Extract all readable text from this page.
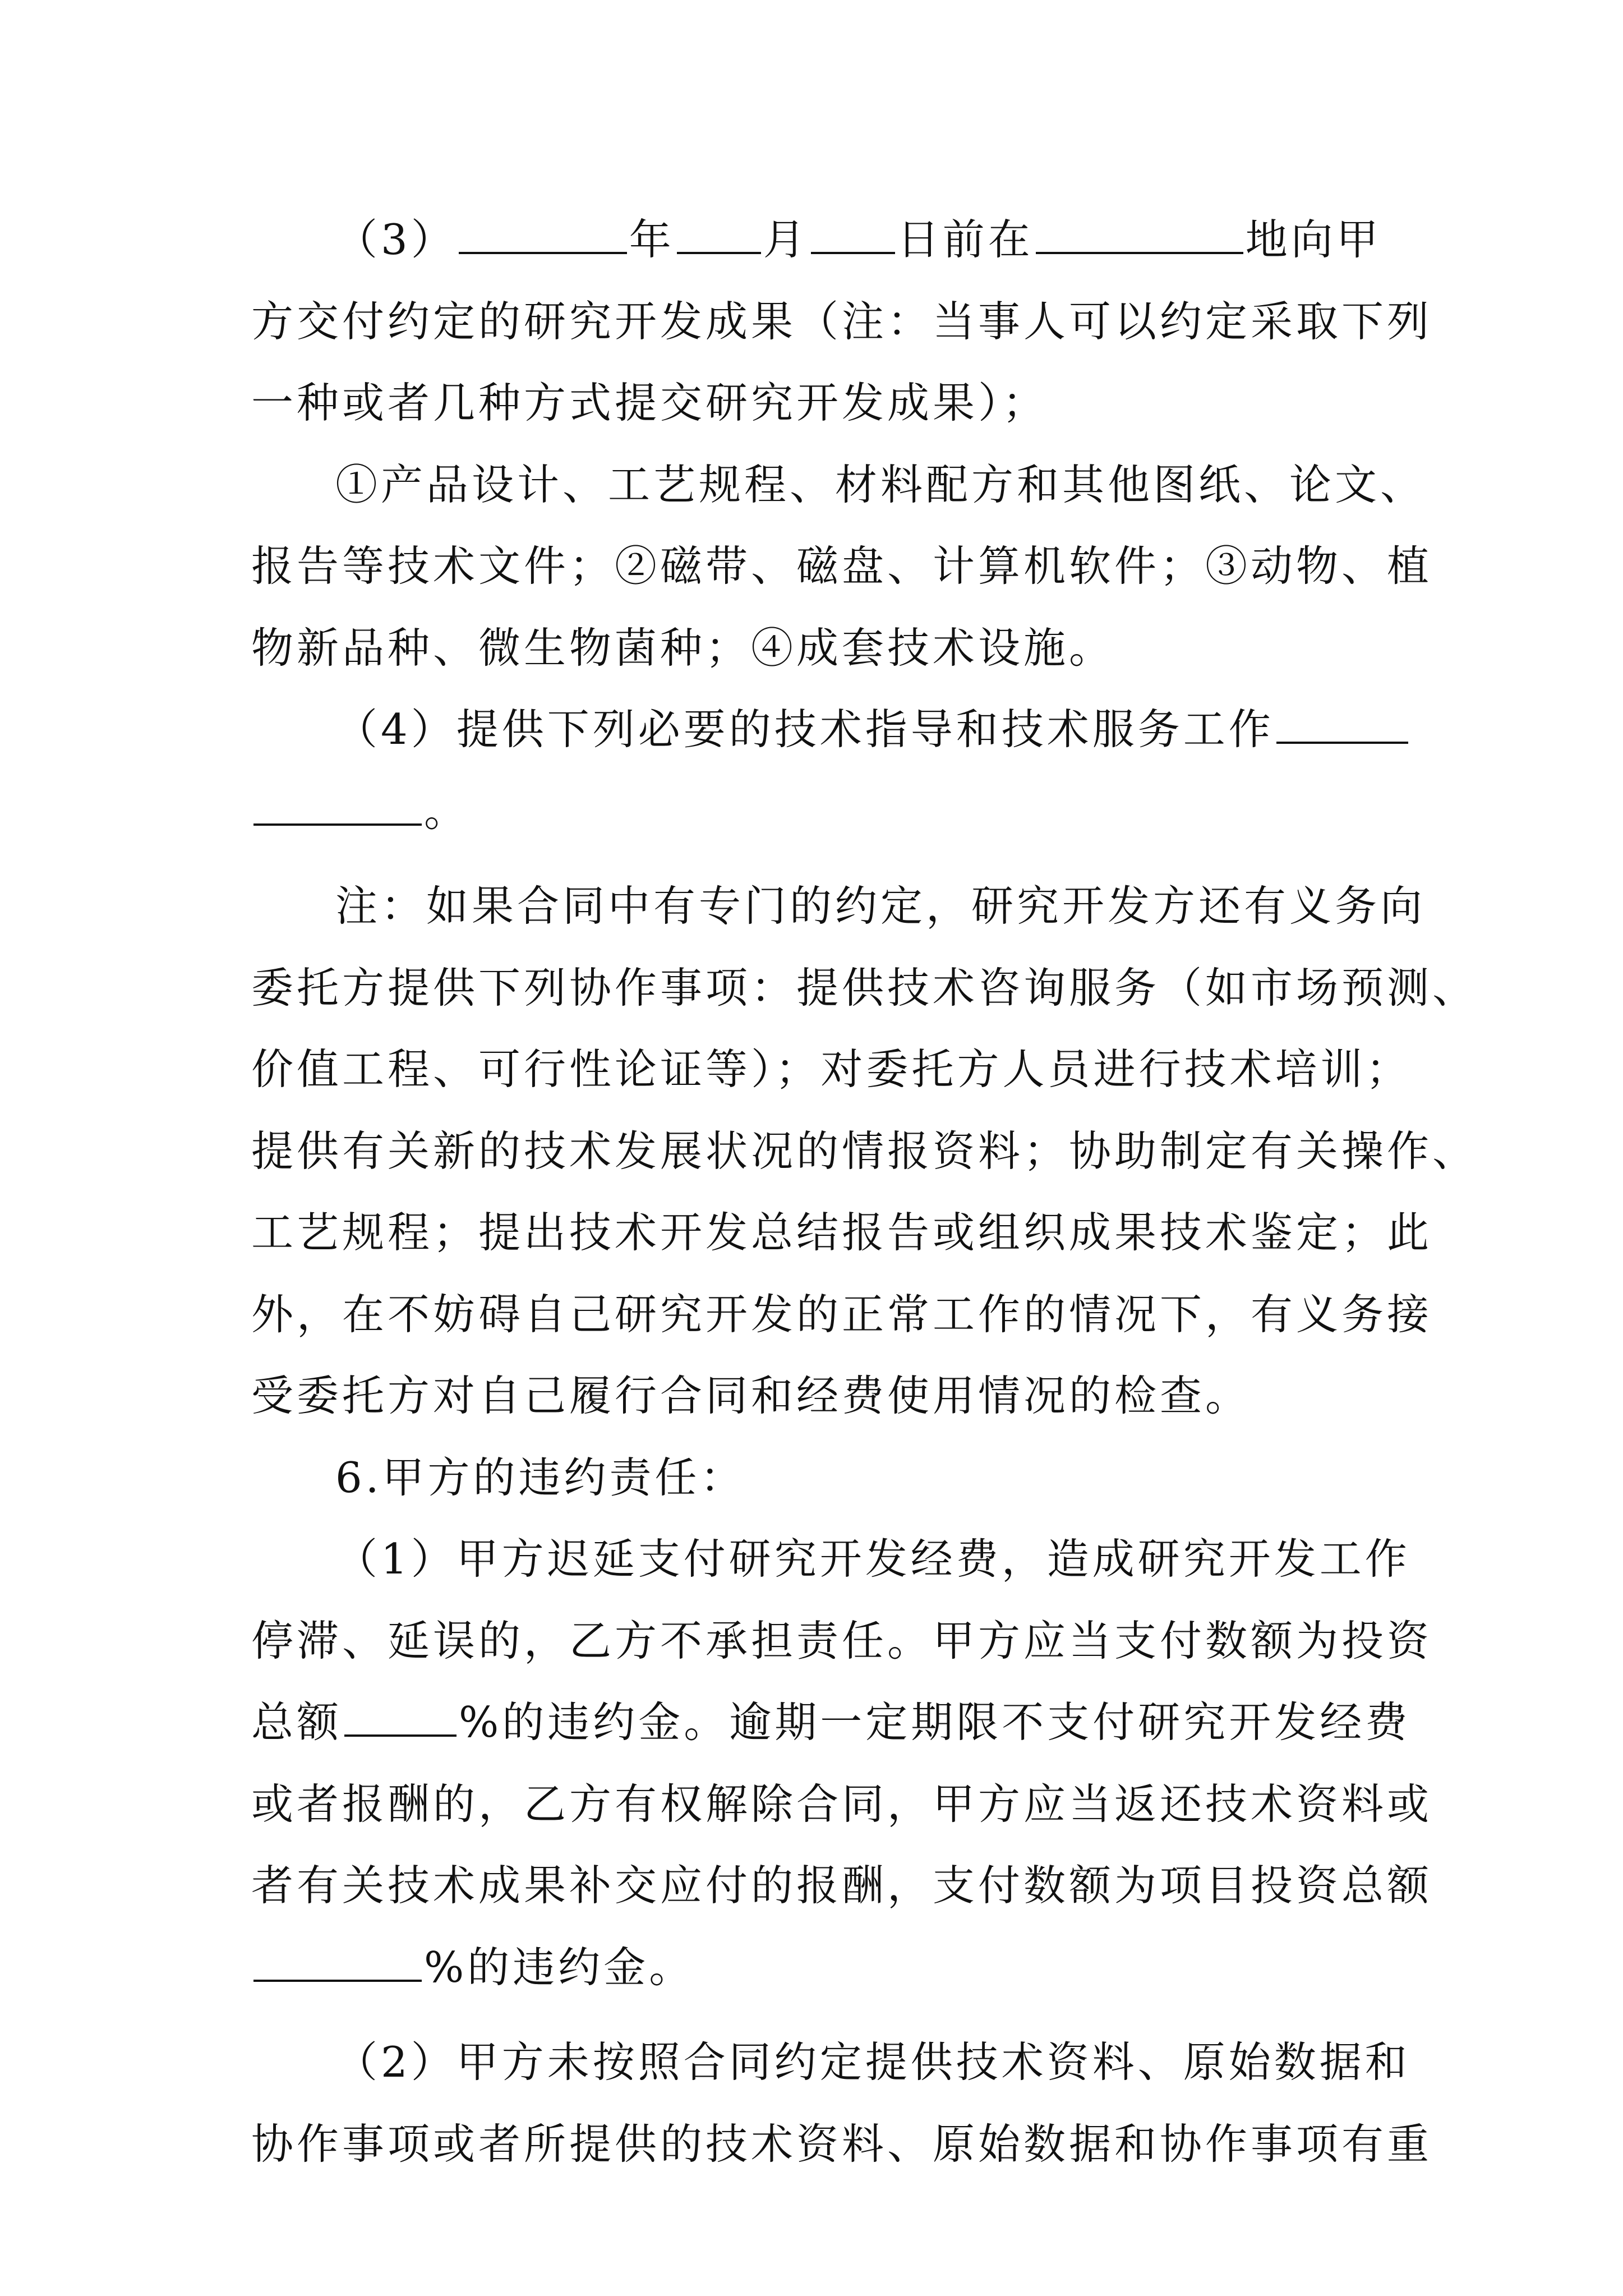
（3）	年 月 日前在	地向甲
方交付约定的研究开发成果（注：当事人可以约定采取下列
一种或者几种方式提交研究开发成果）；
①产品设计、工艺规程、材料配方和其他图纸、论文、
报告等技术文件；②磁带、磁盘、计算机软件；③动物、植
物新品种、微生物菌种；④成套技术设施。
（4）提供下列必要的技术指导和技术服务工作
。
注：如果合同中有专门的约定，研究开发方还有义务向
委托方提供下列协作事项：提供技术咨询服务（如市场预测、
价值工程、可行性论证等）；对委托方人员进行技术培训；
提供有关新的技术发展状况的情报资料；协助制定有关操作、
工艺规程；提出技术开发总结报告或组织成果技术鉴定；此
外，在不妨碍自己研究开发的正常工作的情况下，有义务接
受委托方对自己履行合同和经费使用情况的检查。
6.甲方的违约责任：
（1）甲方迟延支付研究开发经费，造成研究开发工作
停滞、延误的，乙方不承担责任。甲方应当支付数额为投资
总额	%的违约金。逾期一定期限不支付研究开发经费
或者报酬的，乙方有权解除合同，甲方应当返还技术资料或
者有关技术成果补交应付的报酬，支付数额为项目投资总额
%的违约金。
（2）甲方未按照合同约定提供技术资料、原始数据和
协作事项或者所提供的技术资料、原始数据和协作事项有重
